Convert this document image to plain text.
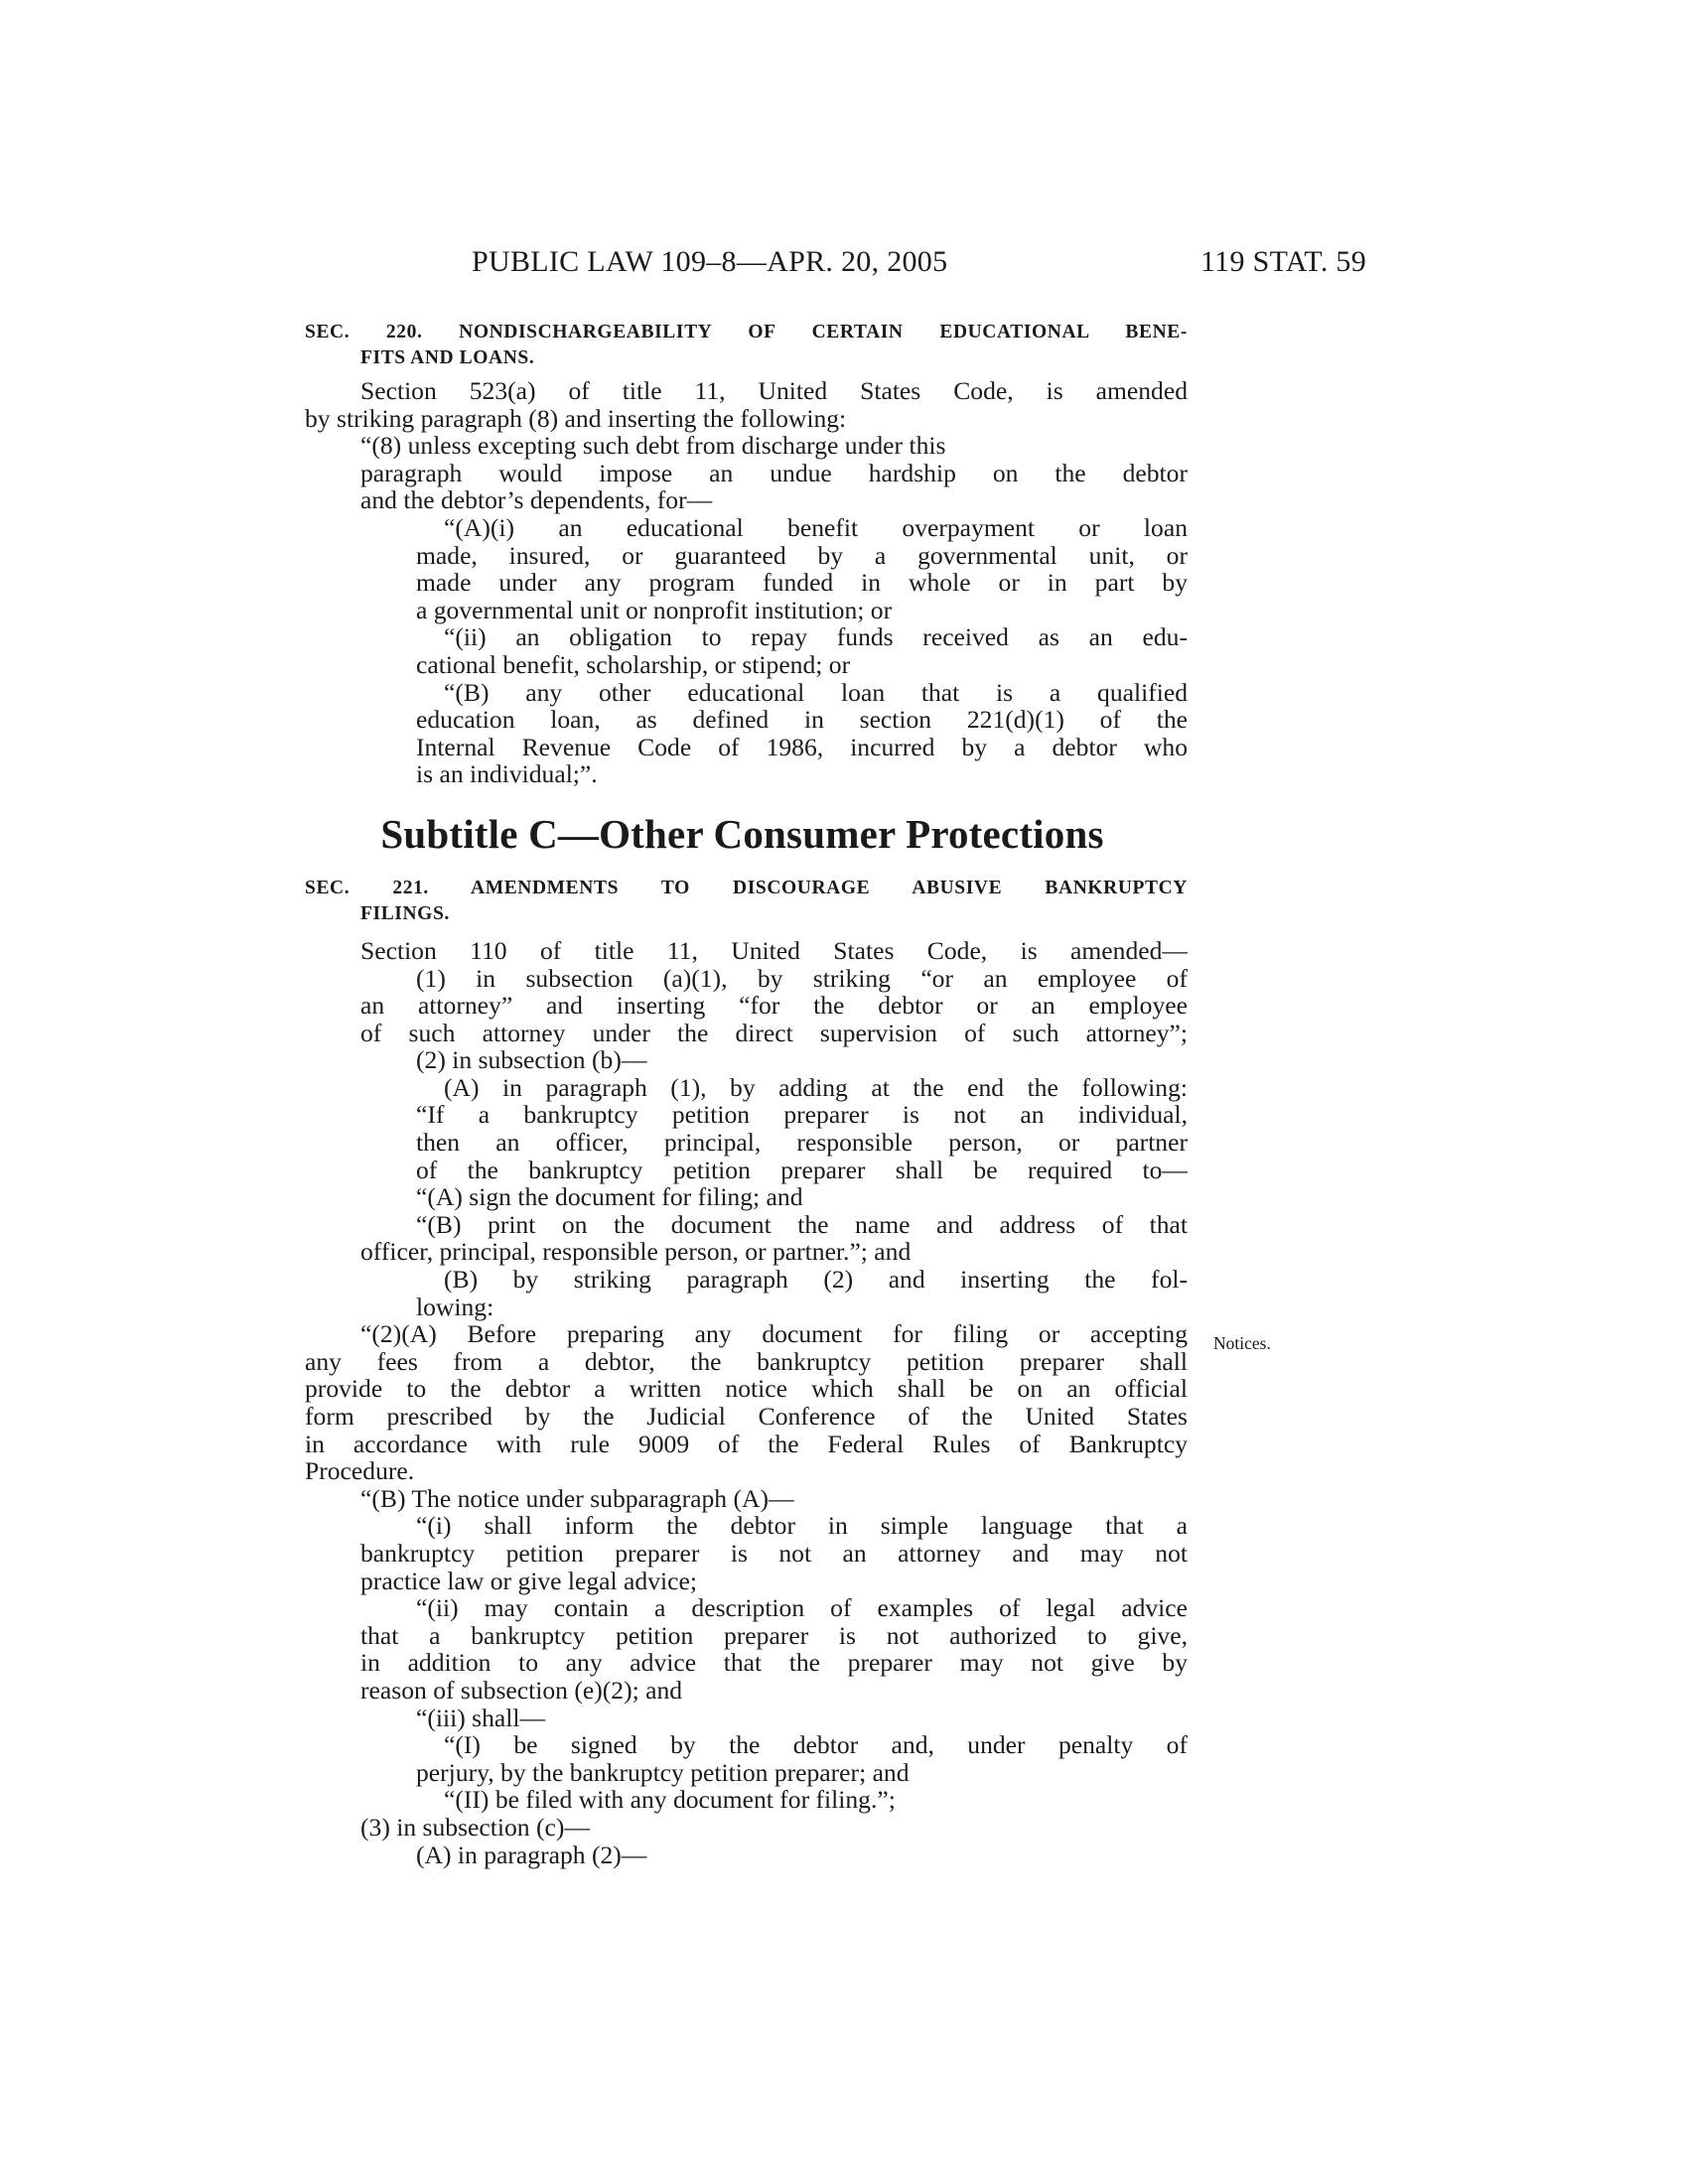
PUBLIC LAW 109–8—APR. 20, 2005	119 STAT. 59
SEC. 220. NONDISCHARGEABILITY OF CERTAIN EDUCATIONAL BENE-
FITS AND LOANS.
Section 523(a) of title 11, United States Code, is amended
by striking paragraph (8) and inserting the following:
“(8) unless excepting such debt from discharge under this
paragraph would impose an undue hardship on the debtor
and the debtor’s dependents, for—
“(A)(i) an educational benefit overpayment or loan
made, insured, or guaranteed by a governmental unit, or
made under any program funded in whole or in part by
a governmental unit or nonprofit institution; or
“(ii) an obligation to repay funds received as an edu-
cational benefit, scholarship, or stipend; or
“(B) any other educational loan that is a qualified
education loan, as defined in section 221(d)(1) of the
Internal Revenue Code of 1986, incurred by a debtor who
is an individual;”.
Subtitle C—Other Consumer Protections
SEC. 221. AMENDMENTS TO DISCOURAGE ABUSIVE BANKRUPTCY
FILINGS.
Section 110 of title 11, United States Code, is amended—
(1) in subsection (a)(1), by striking “or an employee of
an attorney” and inserting “for the debtor or an employee
of such attorney under the direct supervision of such attorney”;
(2) in subsection (b)—
(A) in paragraph (1), by adding at the end the following:
“If a bankruptcy petition preparer is not an individual,
then an officer, principal, responsible person, or partner
of the bankruptcy petition preparer shall be required to—
“(A) sign the document for filing; and
“(B) print on the document the name and address of that
officer, principal, responsible person, or partner.”; and
(B) by striking paragraph (2) and inserting the fol-
lowing:
“(2)(A) Before preparing any document for filing or accepting
any fees from a debtor, the bankruptcy petition preparer shall
provide to the debtor a written notice which shall be on an official
form prescribed by the Judicial Conference of the United States
in accordance with rule 9009 of the Federal Rules of Bankruptcy
Procedure.
“(B) The notice under subparagraph (A)—
“(i) shall inform the debtor in simple language that a
bankruptcy petition preparer is not an attorney and may not
practice law or give legal advice;
“(ii) may contain a description of examples of legal advice
that a bankruptcy petition preparer is not authorized to give,
in addition to any advice that the preparer may not give by
reason of subsection (e)(2); and
“(iii) shall—
“(I) be signed by the debtor and, under penalty of
perjury, by the bankruptcy petition preparer; and
“(II) be filed with any document for filing.”;
(3) in subsection (c)—
(A) in paragraph (2)—
Notices.
